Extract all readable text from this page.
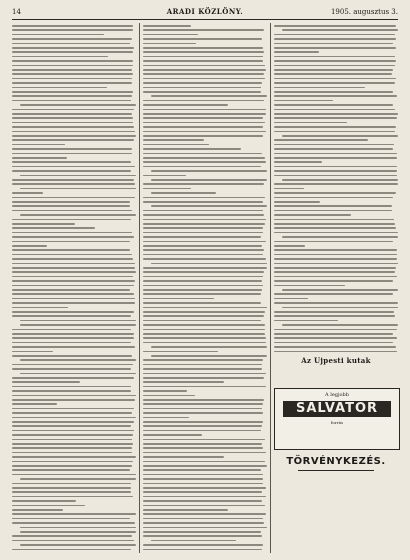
14	ARADI KÖZLÖNY.	1905. augusztus 3.
Az Ujpesti kutak
A legjobb
SALVATOR
forrás
TÖRVÉNYKEZÉS.
